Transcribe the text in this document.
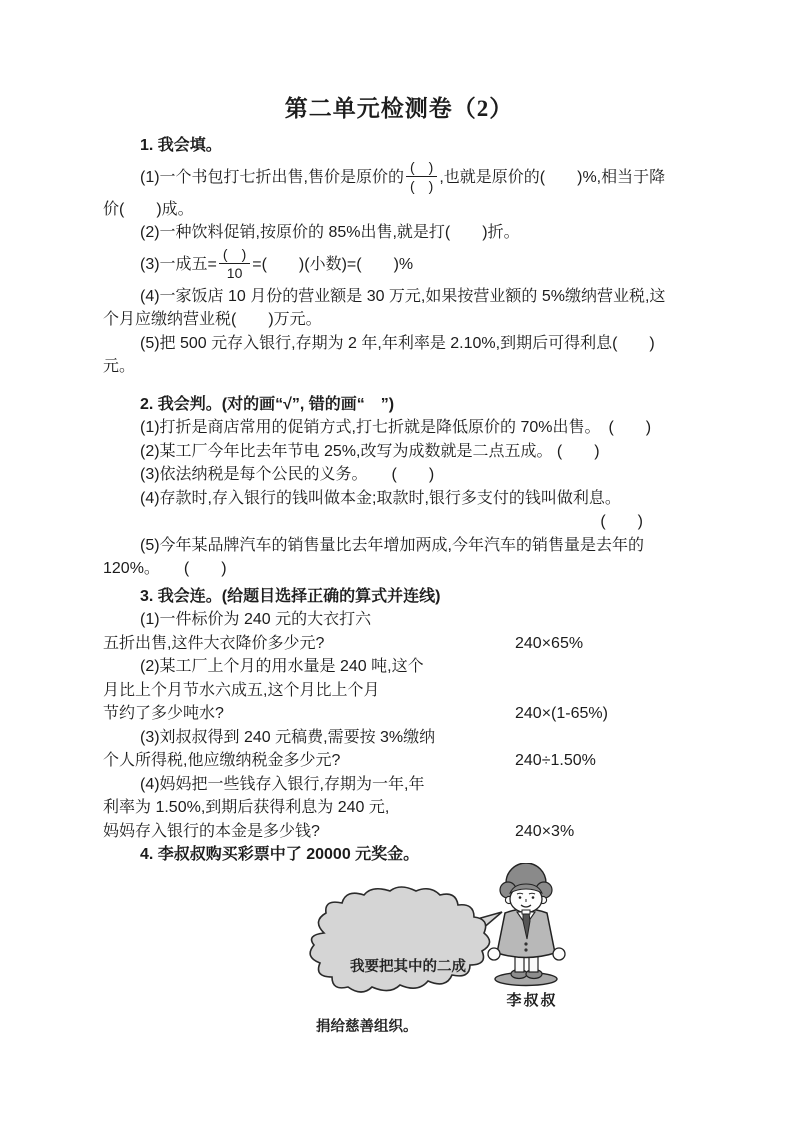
第二单元检测卷（2）
1. 我会填。
(1)一个书包打七折出售,售价是原价的 $\frac{( )}{( )}$ ,也就是原价的(　　)%,相当于降
价(　　)成。
(2)一种饮料促销,按原价的 85%出售,就是打(　　)折。
(3)一成五= $\frac{( )}{10}$ =(　　)(小数)=(　　)%
(4)一家饭店 10 月份的营业额是 30 万元,如果按营业额的 5%缴纳营业税,这
个月应缴纳营业税(　　)万元。
(5)把 500 元存入银行,存期为 2 年,年利率是 2.10%,到期后可得利息(　　)
元。
2. 我会判。(对的画“√”, 错的画“　”)
(1)打折是商店常用的促销方式,打七折就是降低原价的 70%出售。　(　　)
(2)某工厂今年比去年节电 25%,改写为成数就是二点五成。 (　　)
(3)依法纳税是每个公民的义务。　　(　　)
(4)存款时,存入银行的钱叫做本金;取款时,银行多支付的钱叫做利息。
(　　)
(5)今年某品牌汽车的销售量比去年增加两成,今年汽车的销售量是去年的
120%。　　(　　)
3. 我会连。(给题目选择正确的算式并连线)
(1)一件标价为 240 元的大衣打六
五折出售,这件大衣降价多少元?	240×65%
(2)某工厂上个月的用水量是 240 吨,这个
月比上个月节水六成五,这个月比上个月
节约了多少吨水?	240×(1-65%)
(3)刘叔叔得到 240 元稿费,需要按 3%缴纳
个人所得税,他应缴纳税金多少元?	240÷1.50%
(4)妈妈把一些钱存入银行,存期为一年,年
利率为 1.50%,到期后获得利息为 240 元,
妈妈存入银行的本金是多少钱?	240×3%
4. 李叔叔购买彩票中了 20000 元奖金。

我要把其中的二成

捐给慈善组织。

李叔叔
